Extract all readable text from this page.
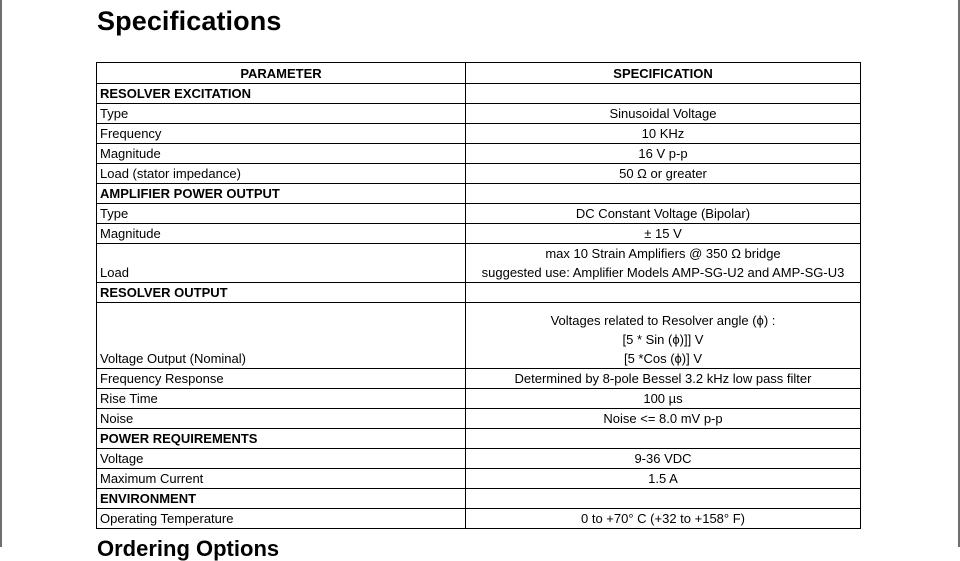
Specifications
PARAMETER	SPECIFICATION
RESOLVER EXCITATION	
Type	Sinusoidal Voltage
Frequency	10 KHz
Magnitude	16 V p-p
Load (stator impedance)	50 Ω or greater
AMPLIFIER POWER OUTPUT	
Type	DC Constant Voltage (Bipolar)
Magnitude	± 15 V
Load	max 10 Strain Amplifiers @ 350 Ω bridge
suggested use: Amplifier Models AMP-SG-U2 and AMP-SG-U3

RESOLVER OUTPUT	
Voltage Output (Nominal)	Voltages related to Resolver angle (ϕ) :
[5 * Sin (ϕ)]] V
[5 *Cos (ϕ)] V

Frequency Response	Determined by 8-pole Bessel 3.2 kHz low pass filter
Rise Time	100 µs
Noise	Noise <= 8.0 mV p-p
POWER REQUIREMENTS	
Voltage	9-36 VDC
Maximum Current	1.5 A
ENVIRONMENT	
Operating Temperature	0 to +70° C (+32 to +158° F)
Ordering Options
